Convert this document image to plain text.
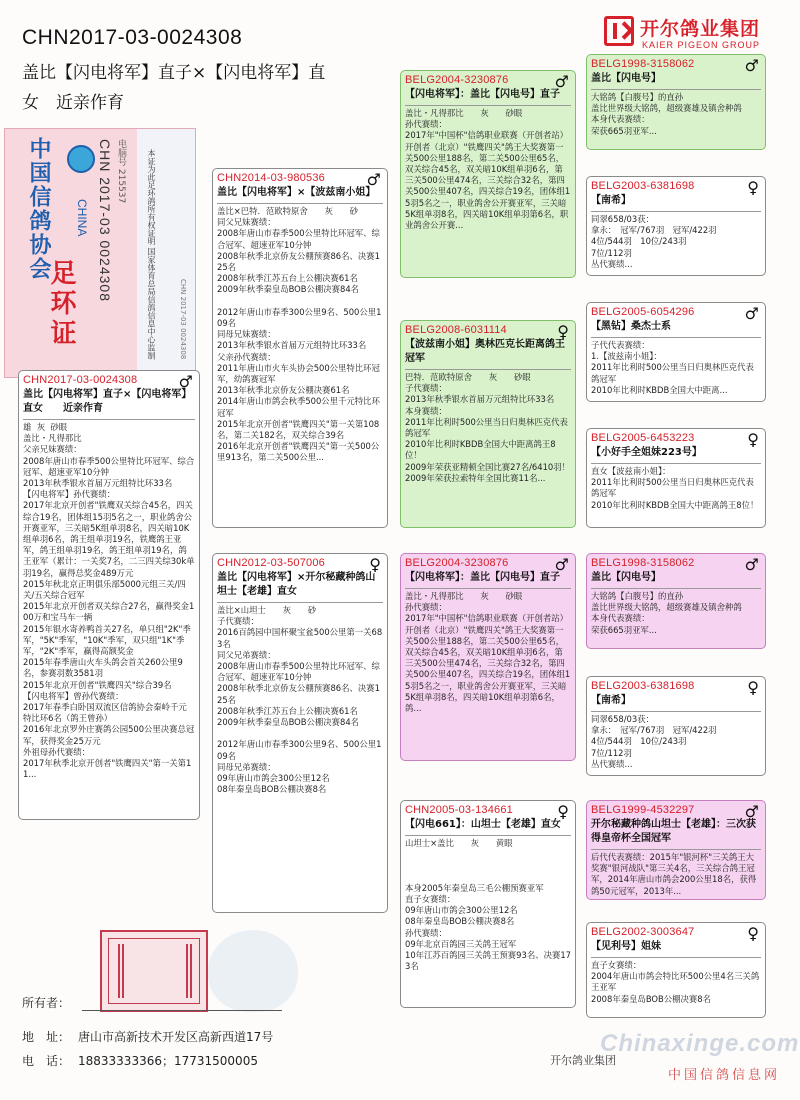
CHN2017-03-0024308
盖比【闪电将军】直子×【闪电将军】直女　近亲作育
开尔鸽业集团
KAIER PIGEON GROUP
中国信鸽协会
足环证
CHINA CHN 2017-03 0024308 电脑号 215537	本证为此足环鸽所有权证明 国家体育总局信鸽信息中心监制	CHN 2017-03 0024308
CHN2017-03-0024308	♂
盖比【闪电将军】直子×【闪电将军】直女　　近亲作育
雄  灰  砂眼
盖比・凡得那比
父亲兄妹赛绩：
2008年唐山市春季500公里特比环冠军、综合冠军、超速亚军10分钟
2013年秋季银水首届万元组特比环33名
【闪电将军】孙代赛绩：
2017年北京开创者"铁鹰双关综合45名，四关综合19名，团体组15羽5名之一，职业鸽舍公开赛亚军，三关暗5K组单羽8名，四关暗10K组单羽6名，鸽王组单羽19名，铁鹰鸽王亚军，鸽王组单羽19名，鸽王组单羽19名，鸽王亚军（累计：一关奖7名，二三四关综30k单羽19名，赢得总奖金489万元
2015年秋北京正明俱乐部5000元组三关/四关/五关综合冠军
2015年北京开创者双关综合27名，赢得奖金100万和宝马车一辆
2015年银水寄养鸭首关27名，单只组"2K"季军，"5K"季军，"10K"季军，双只组"1K"季军，"2K"季军，赢得高额奖金
2015年春季唐山火车头鸽会首关260公里9名，参赛羽数3581羽
2015年北京开创者"铁鹰四关"综合39名
【闪电将军】曾孙代赛绩：
2017年春季白卧国双流区信鸽协会秦岭千元特比环6名（鸽王曾孙）
2016年北京罗外庄赛鸽公园500公里决赛总冠军，获得奖金25万元
外祖母孙代赛绩：
2017年秋季北京开创者"铁鹰四关"第一关第11...
CHN2014-03-980536	♂
盖比【闪电将军】×【波兹南小姐】
盖比×巴特．范欧特原舍　　灰　　砂
同父兄妹赛绩：
2008年唐山市春季500公里特比环冠军、综合冠军、超速亚军10分钟
2008年秋季北京侨友公棚预赛86名、决赛125名
2008年秋季江苏五台上公棚决赛61名
2009年秋季秦皇岛BOB公棚决赛84名

2012年唐山市春季300公里9名、500公里109名
同母兄妹赛绩：
2013年秋季银水首届万元组特比环33名
父亲孙代赛绩：
2011年唐山市火车头协会500公里特比环冠军，幼鸽赛冠军
2013年秋季北京侨友公棚决赛61名
2014年唐山市鸽会秋季500公里千元特比环冠军
2015年北京开创者"铁鹰四关"第一关第108名，第二关182名，双关综合39名
2016年北京开创者"铁鹰四关"第一关500公里913名，第二关500公里...
CHN2012-03-507006	♀
盖比【闪电将军】×开尔秘藏种鸽山坦士【老雄】直女
盖比×山坦士　　灰　　砂
子代赛绩：
2016百鸽园中国杯聚宝盆500公里第一关683名
同父兄弟赛绩：
2008年唐山市春季500公里特比环冠军、综合冠军、超速亚军10分钟
2008年秋季北京侨友公棚预赛86名、决赛125名
2008年秋季江苏五台上公棚决赛61名
2009年秋季秦皇岛BOB公棚决赛84名

2012年唐山市春季300公里9名、500公里109名
同母兄弟赛绩：
09年唐山市鸽会300公里12名
08年秦皇岛BOB公棚决赛8名
BELG2004-3230876	♂
【闪电将军】：盖比【闪电号】直子
盖比・凡得那比　　灰　　砂眼
孙代赛绩：
2017年"中国杯"信鸽职业联赛（开创者站）开创者（北京）"铁鹰四关"鸽王大奖赛第一关500公里188名，第二关500公里65名，双关综合45名，双关暗10K组单羽6名，第三关500公里474名，三关综合32名，第四关500公里407名，四关综合19名，团体组15羽5名之一，职业鸽舍公开赛亚军，三关暗5K组单羽8名，四关暗10K组单羽第6名，职业鸽舍公开赛...
BELG2008-6031114	♀
【波兹南小姐】奥林匹克长距离鸽王冠军
巴特．范欧特原舍　　灰　　砂眼
子代赛绩：
2013年秋季银水首届万元组特比环33名
本身赛绩：
2011年比利时500公里当日归奥林匹克代表鸽冠军
2010年比利时KBDB全国大中距离鸽王8位！
2009年荣获亚精顿全国比赛27名/6410羽！
2009年荣获拉索特年全国比赛11名...
BELG2004-3230876	♂
【闪电将军】：盖比【闪电号】直子
盖比・凡得那比　　灰　　砂眼
孙代赛绩：
2017年"中国杯"信鸽职业联赛（开创者站）开创者（北京）"铁鹰四关"鸽王大奖赛第一关500公里188名，第二关500公里65名，双关综合45名，双关暗10K组单羽6名，第三关500公里474名，三关综合32名，第四关500公里407名，四关综合19名，团体组15羽5名之一，职业鸽舍公开赛亚军，三关暗5K组单羽8名，四关暗10K组单羽第6名，鸽...
CHN2005-03-134661	♀
【闪电661】：山坦士【老雄】直女
山坦士×盖比　　灰　　黄眼

本身2005年秦皇岛三毛公棚预赛亚军
直子女赛绩：
09年唐山市鸽会300公里12名
08年秦皇岛BOB公棚决赛8名
孙代赛绩：
09年北京百鸽园三关鸽王冠军
10年江苏百鸽园三关鸽王预赛93名、决赛173名
BELG1998-3158062	♂
盖比【闪电号】
大铭鸽【白腹号】的直孙
盖比世界级大铭鸽，超级赛雄及镇舍种鸽
本身代表赛绩：
荣获665羽亚军...
BELG2003-6381698	♀
【南希】
同翠658/03获：
拿永：　冠军/767羽　冠军/422羽
4位/544羽　10位/243羽
7位/112羽
丛代赛绩...
BELG2005-6054296	♂
【黑钻】桑杰士系
子代代表赛绩：
1.【波兹南小姐】：
2011年比利时500公里当日归奥林匹克代表鸽冠军
2010年比利时KBDB全国大中距离...
BELG2005-6453223	♀
【小好手全姐妹223号】
直女【波兹南小姐】：
2011年比利时500公里当日归奥林匹克代表鸽冠军
2010年比利时KBDB全国大中距离鸽王8位！
BELG1998-3158062	♂
盖比【闪电号】
大铭鸽【白腹号】的直孙
盖比世界级大铭鸽，超级赛雄及镇舍种鸽
本身代表赛绩：
荣获665羽亚军...
BELG2003-6381698	♀
【南希】
同翠658/03获：
拿永：　冠军/767羽　冠军/422羽
4位/544羽　10位/243羽
7位/112羽
丛代赛绩...
BELG1999-4532297	♂
开尔秘藏种鸽山坦士【老雄】：三次获得皇帝杯全国冠军
后代代表赛绩：2015年"银河杯"三关鸽王大奖赛"银河战队"第三关4名，三关综合鸽王冠军，2014年唐山市鸽会200公里18名，获得鸽50元冠军，2013年...
BELG2002-3003647	♀
【见利号】姐妹
直子女赛绩：
2004年唐山市鸽会特比环500公里4名三关鸽王亚军
2008年秦皇岛BOB公棚决赛8名
所有者：
地　址： 唐山市高新技术开发区高新西道17号
电　话： 18833333366；17731500005	开尔鸽业集团
Chinaxinge.com
中国信鸽信息网
